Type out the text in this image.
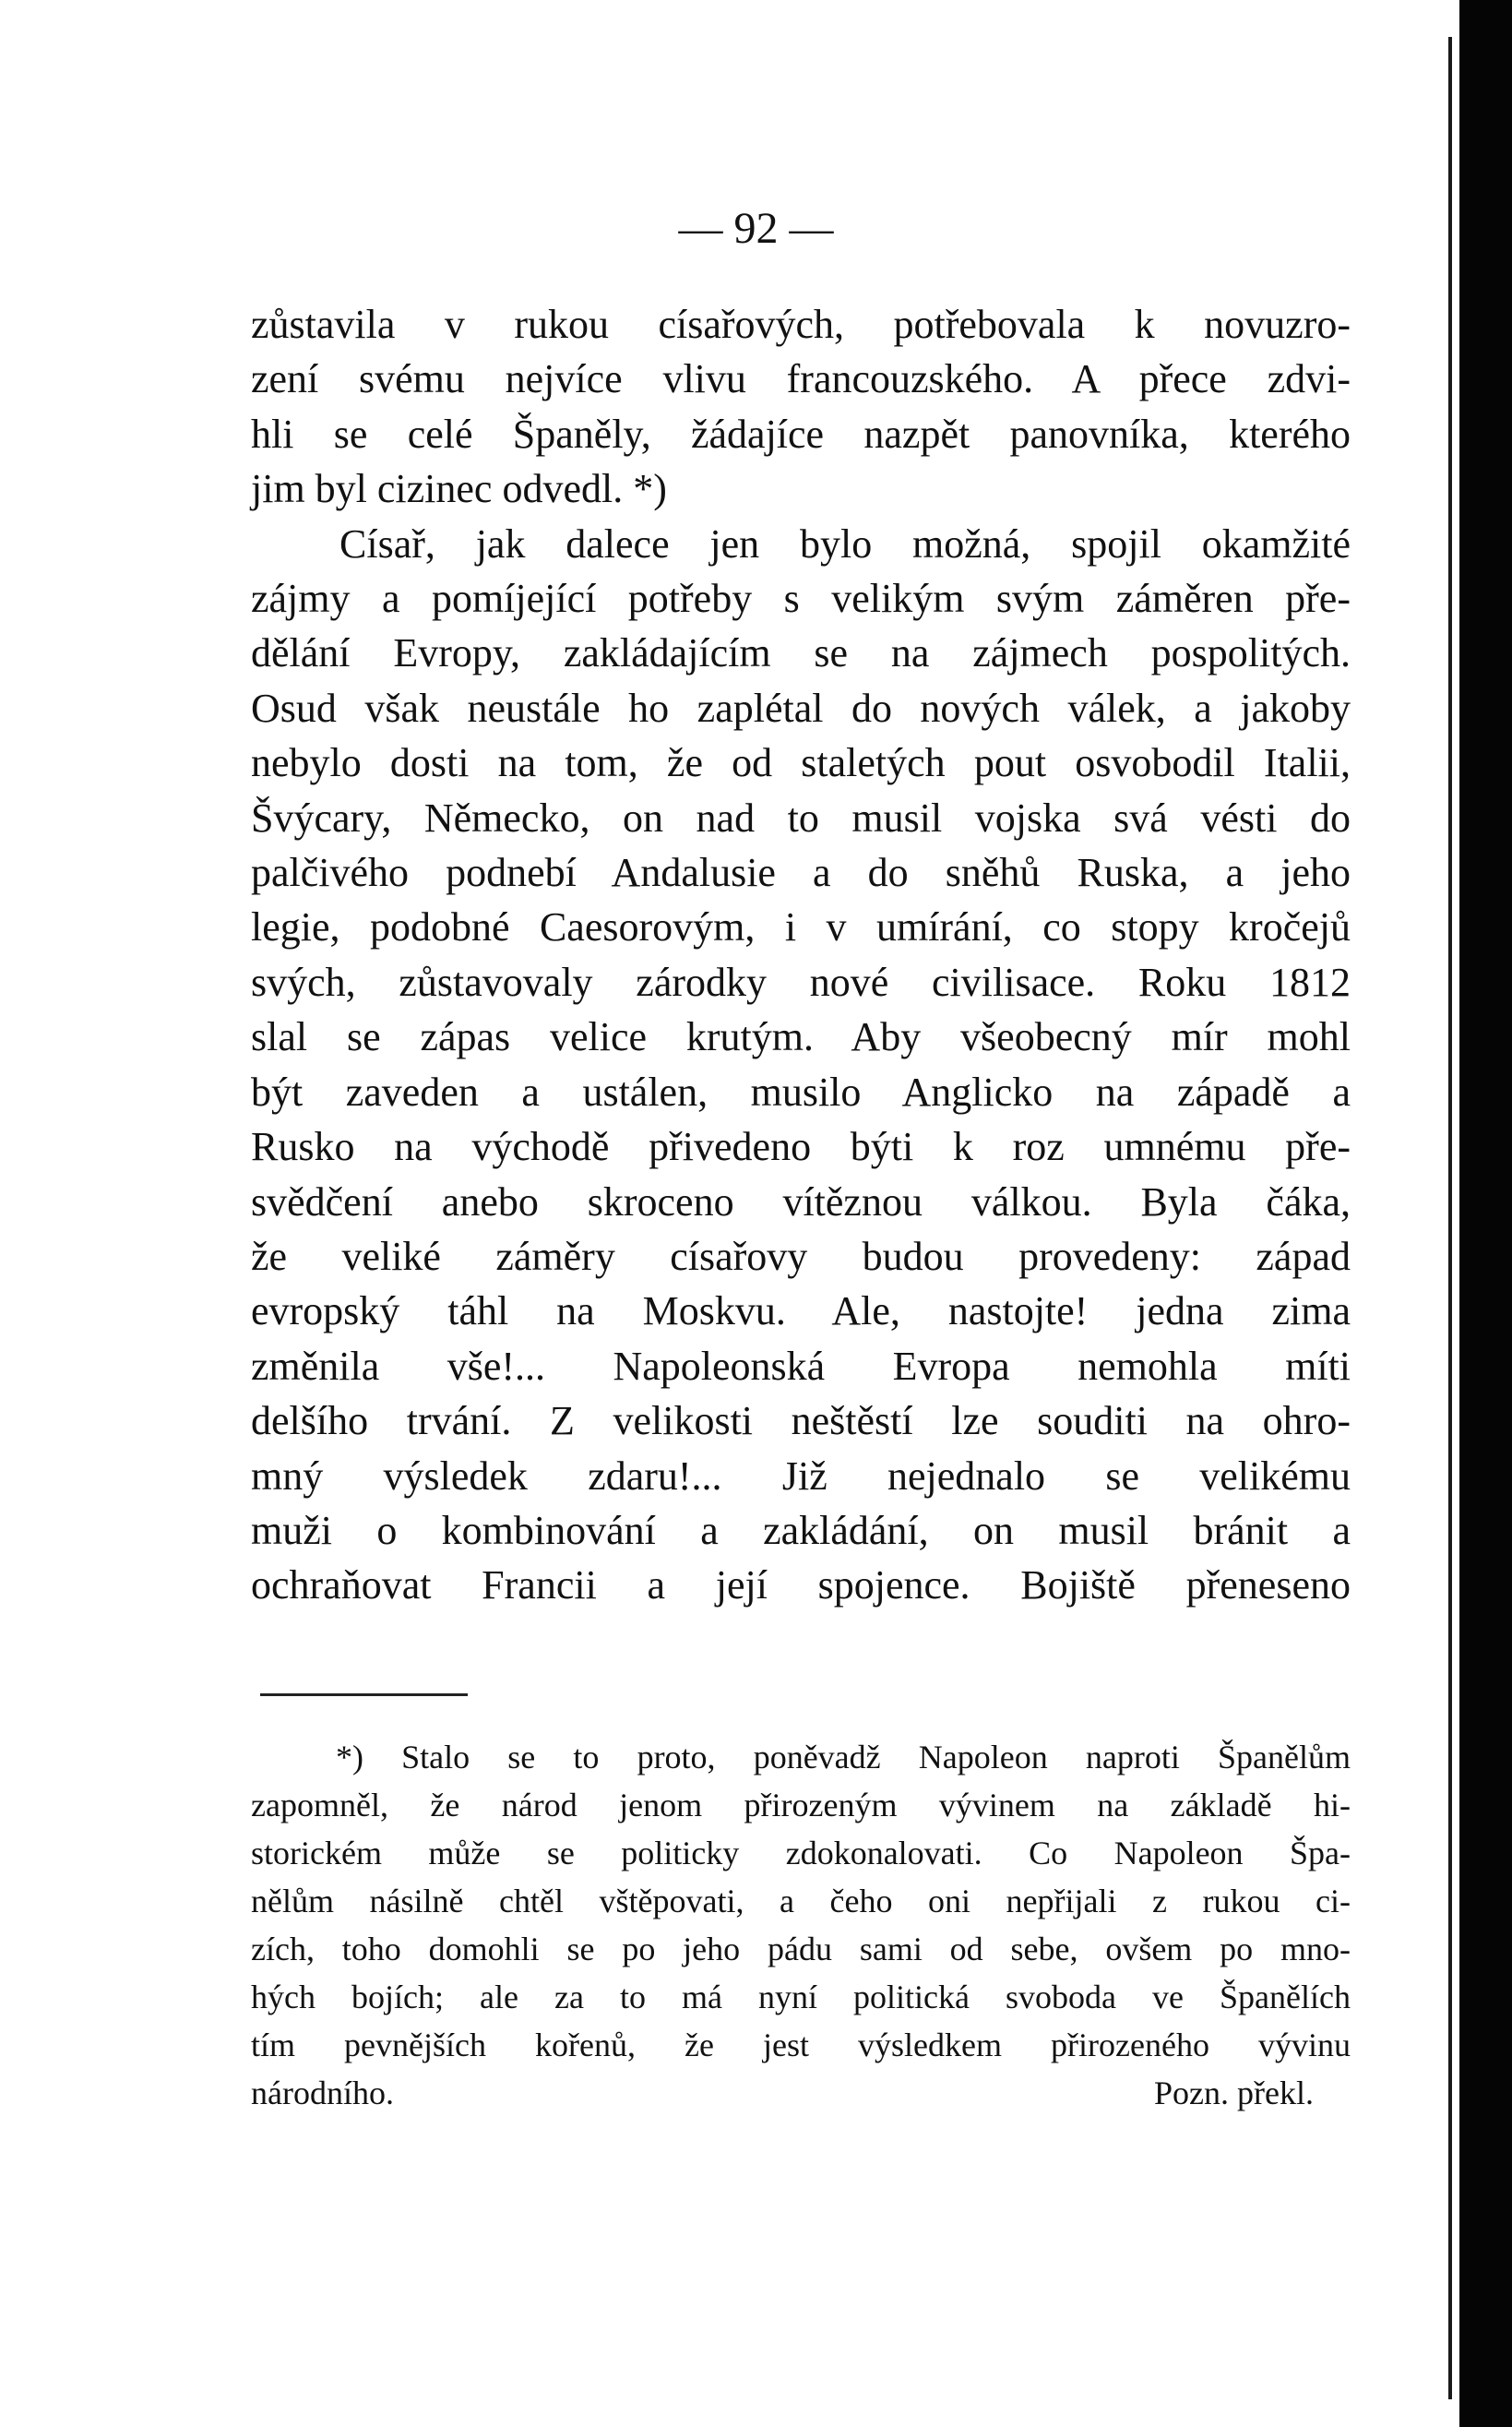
— 92 —
zůstavila v rukou císařových, potřebovala k novuzro-
zení svému nejvíce vlivu francouzského. A přece zdvi-
hli se celé Španěly, žádajíce nazpět panovníka, kterého
jim byl cizinec odvedl. *)
Císař, jak dalece jen bylo možná, spojil okamžité
zájmy a pomíjející potřeby s velikým svým záměren pře-
dělání Evropy, zakládajícím se na zájmech pospolitých.
Osud však neustále ho zaplétal do nových válek, a jakoby
nebylo dosti na tom, že od staletých pout osvobodil Italii,
Švýcary, Německo, on nad to musil vojska svá vésti do
palčivého podnebí Andalusie a do sněhů Ruska, a jeho
legie, podobné Caesorovým, i v umírání, co stopy kročejů
svých, zůstavovaly zárodky nové civilisace. Roku 1812
slal se zápas velice krutým. Aby všeobecný mír mohl
být zaveden a ustálen, musilo Anglicko na západě a
Rusko na východě přivedeno býti k roz umnému pře-
svědčení anebo skroceno vítěznou válkou. Byla čáka,
že veliké záměry císařovy budou provedeny: západ
evropský táhl na Moskvu. Ale, nastojte! jedna zima
změnila vše!... Napoleonská Evropa nemohla míti
delšího trvání. Z velikosti neštěstí lze souditi na ohro-
mný výsledek zdaru!... Již nejednalo se velikému
muži o kombinování a zakládání, on musil bránit a
ochraňovat Francii a její spojence. Bojiště přeneseno
*) Stalo se to proto, poněvadž Napoleon naproti Španělům
zapomněl, že národ jenom přirozeným vývinem na základě hi-
storickém může se politicky zdokonalovati. Co Napoleon Špa-
nělům násilně chtěl vštěpovati, a čeho oni nepřijali z rukou ci-
zích, toho domohli se po jeho pádu sami od sebe, ovšem po mno-
hých bojích; ale za to má nyní politická svoboda ve Španělích
tím pevnějších kořenů, že jest výsledkem přirozeného vývinu
národního.	Pozn. překl.
